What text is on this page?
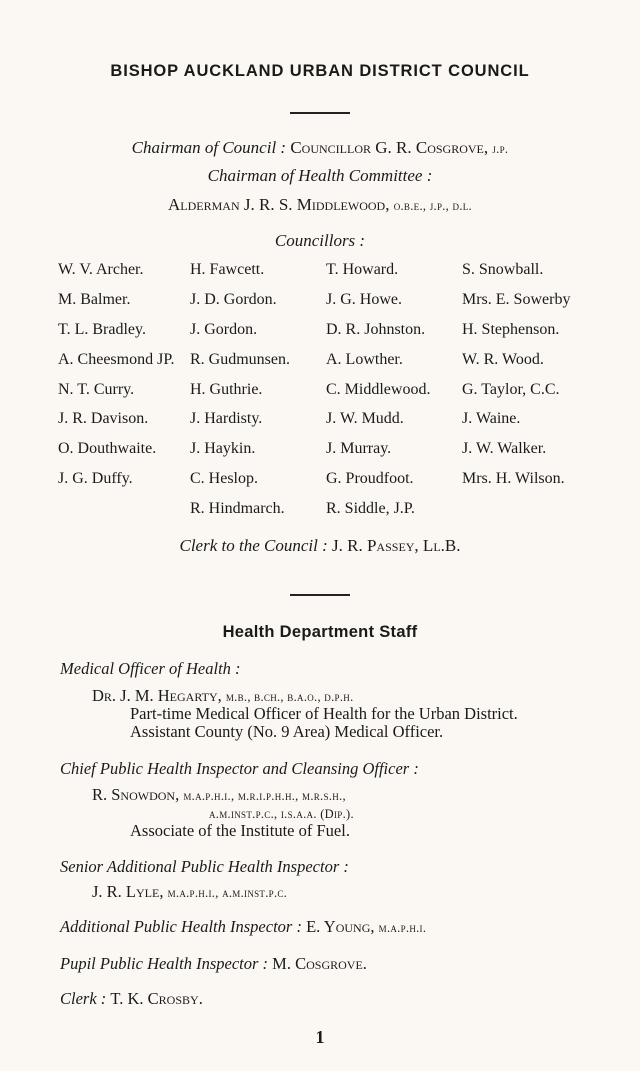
BISHOP AUCKLAND URBAN DISTRICT COUNCIL
Chairman of Council : Councillor G. R. Cosgrove, j.p.
Chairman of Health Committee :
Alderman J. R. S. Middlewood, o.b.e., j.p., d.l.
Councillors :
W. V. Archer.
M. Balmer.
T. L. Bradley.
A. Cheesmond JP.
N. T. Curry.
J. R. Davison.
O. Douthwaite.
J. G. Duffy.
H. Fawcett.
J. D. Gordon.
J. Gordon.
R. Gudmunsen.
H. Guthrie.
J. Hardisty.
J. Haykin.
C. Heslop.
R. Hindmarch.
T. Howard.
J. G. Howe.
D. R. Johnston.
A. Lowther.
C. Middlewood.
J. W. Mudd.
J. Murray.
G. Proudfoot.
R. Siddle, J.P.
S. Snowball.
Mrs. E. Sowerby
H. Stephenson.
W. R. Wood.
G. Taylor, C.C.
J. Waine.
J. W. Walker.
Mrs. H. Wilson.
Clerk to the Council : J. R. Passey, Ll.B.
Health Department Staff
Medical Officer of Health :
Dr. J. M. Hegarty, m.b., b.ch., b.a.o., d.p.h.
Part-time Medical Officer of Health for the Urban District.
Assistant County (No. 9 Area) Medical Officer.
Chief Public Health Inspector and Cleansing Officer :
R. Snowdon, m.a.p.h.i., m.r.i.p.h.h., m.r.s.h.,
a.m.inst.p.c., i.s.a.a. (Dip.).
Associate of the Institute of Fuel.
Senior Additional Public Health Inspector :
J. R. Lyle, m.a.p.h.i., a.m.inst.p.c.
Additional Public Health Inspector : E. Young, m.a.p.h.i.
Pupil Public Health Inspector : M. Cosgrove.
Clerk : T. K. Crosby.
1
